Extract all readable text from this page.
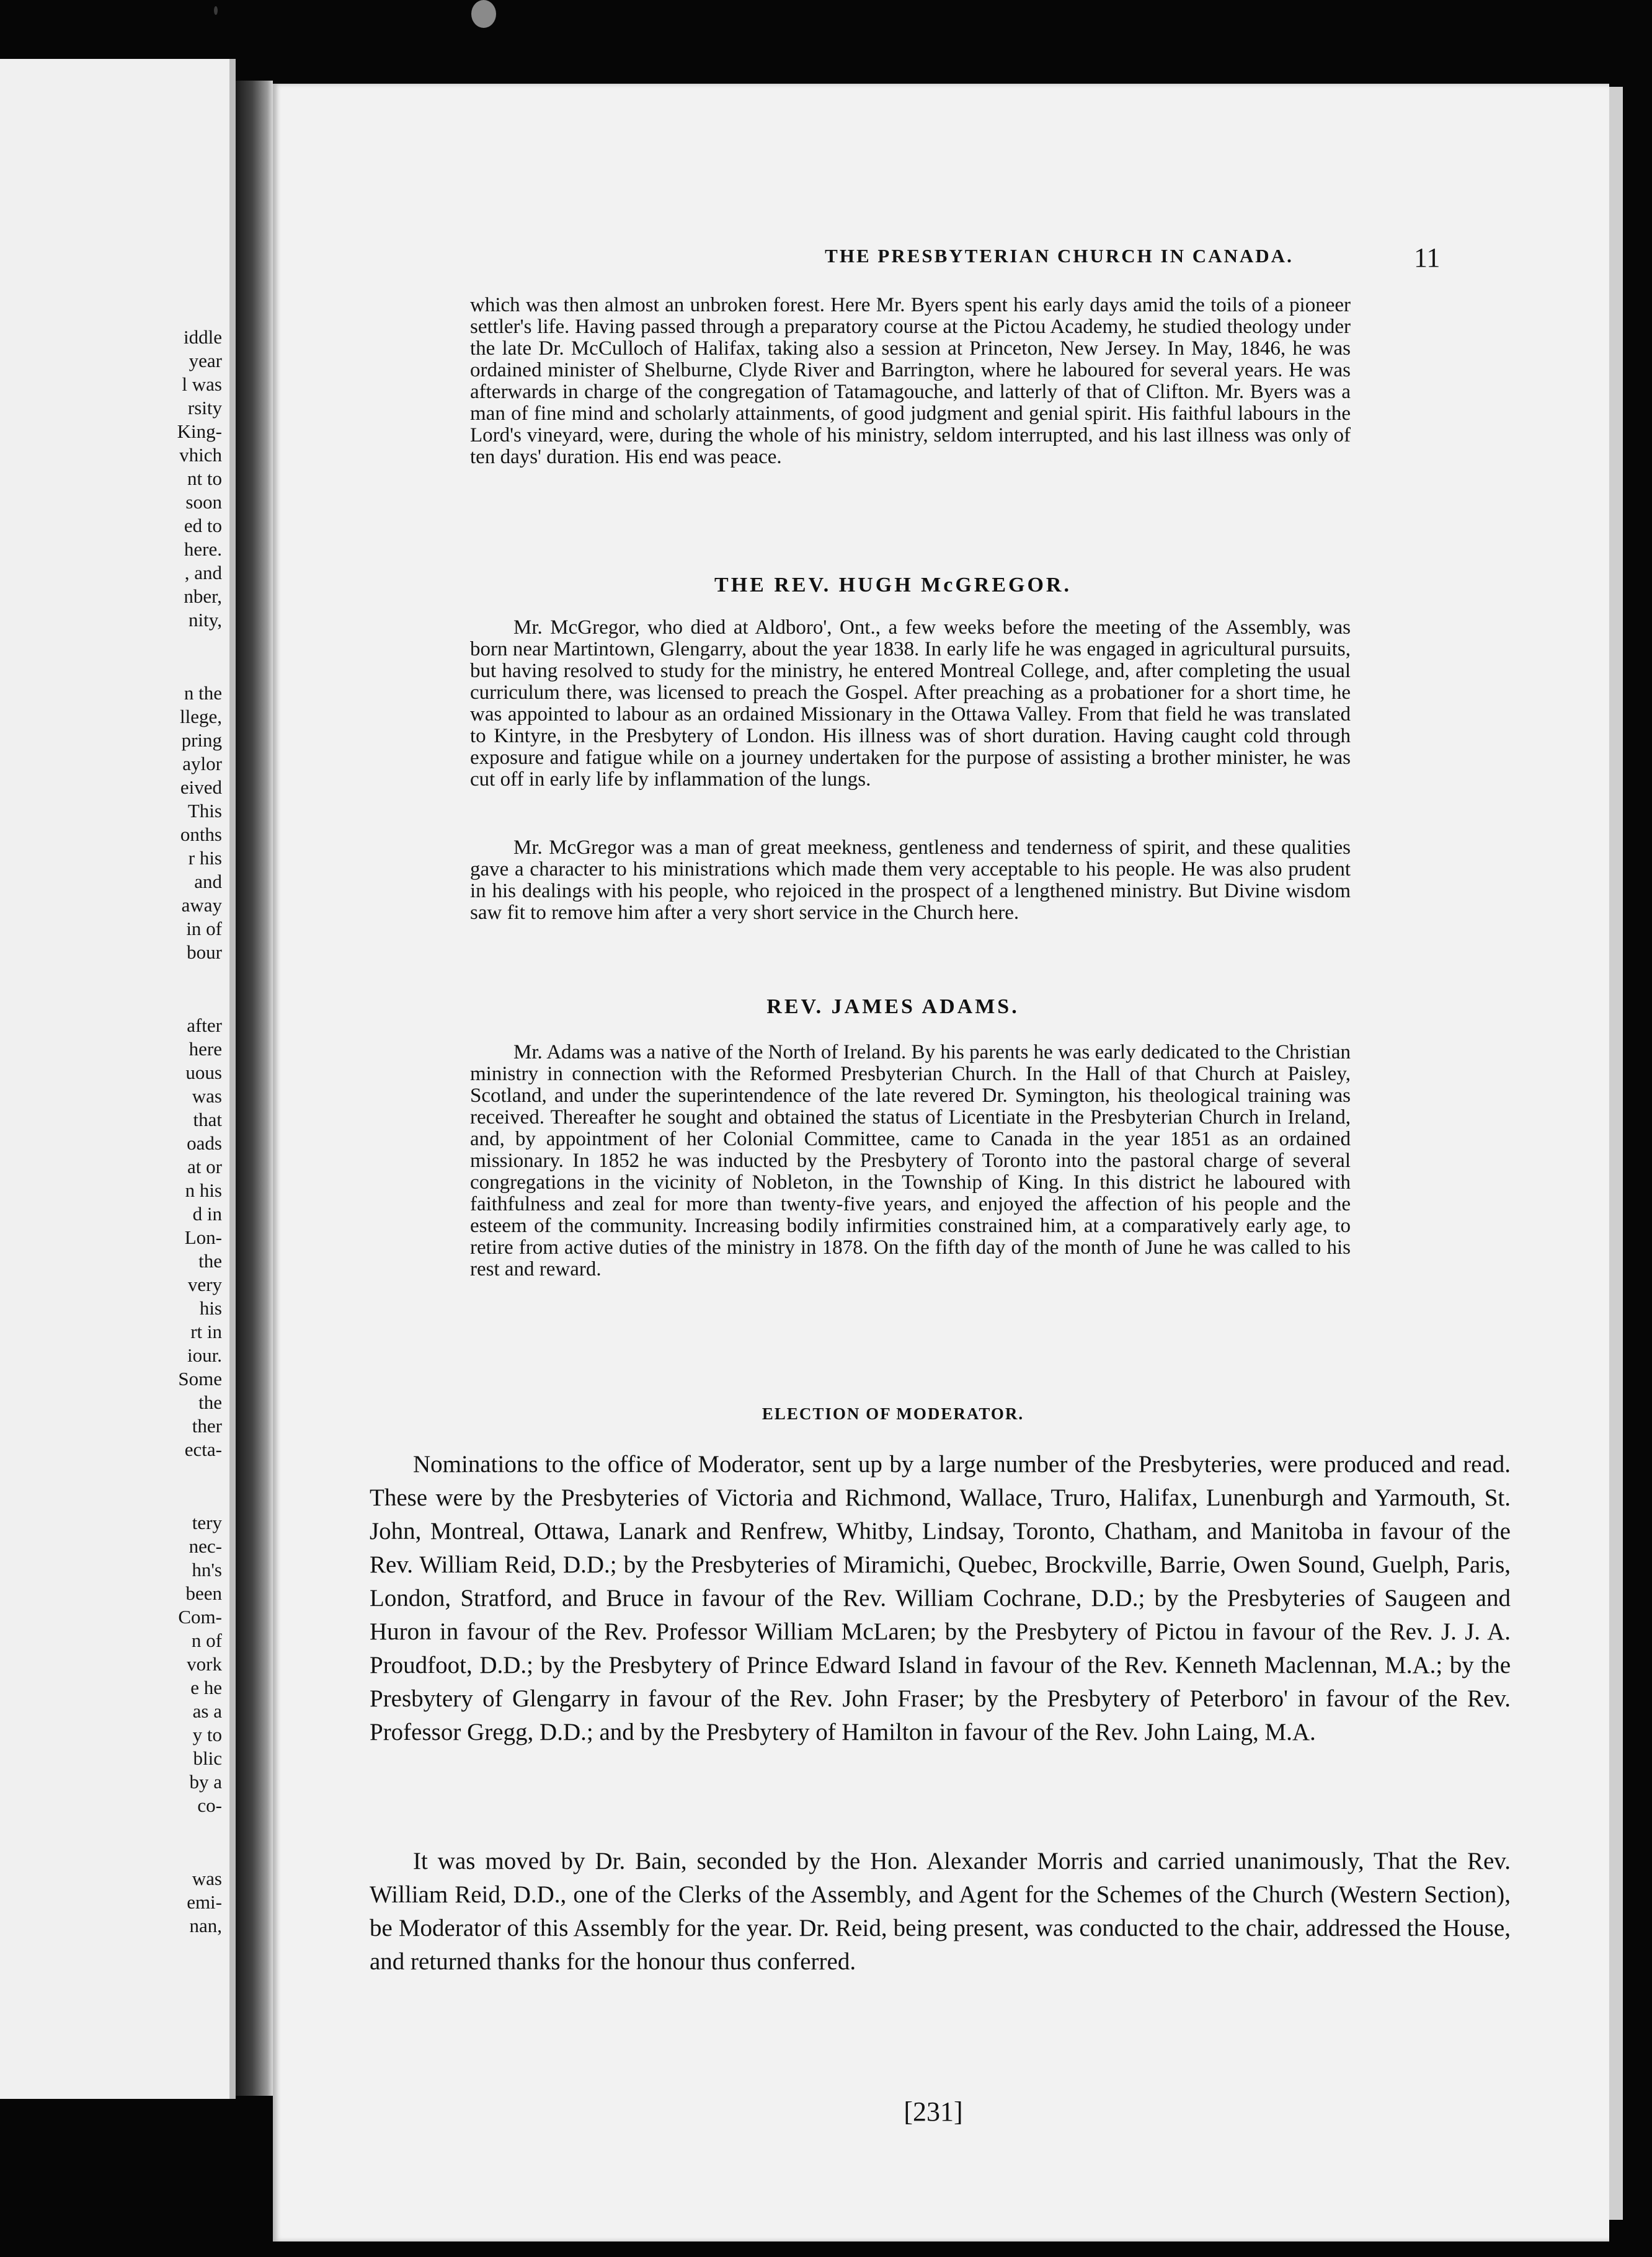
iddle

year

l was

rsity

King-

vhich

nt to

soon

ed to

here.

, and

nber,

nity,

n the

llege,

pring

aylor

eived

This

onths

r his

and

away

in of

bour

after

here

uous

was

that

oads

at or

n his

d in

Lon-

the

very

his

rt in

iour.

Some

the

ther

ecta-

tery

nec-

hn's

been

Com-

n of

vork

e he

as a

y to

blic

by a

co-

was

emi-

nan,

THE PRESBYTERIAN CHURCH IN CANADA.	11

which was then almost an unbroken forest. Here Mr. Byers spent his early days amid the toils of a pioneer settler's life. Having passed through a preparatory course at the Pictou Academy, he studied theology under the late Dr. McCulloch of Halifax, taking also a session at Princeton, New Jersey. In May, 1846, he was ordained minister of Shelburne, Clyde River and Barrington, where he laboured for several years. He was afterwards in charge of the congregation of Tatamagouche, and latterly of that of Clifton. Mr. Byers was a man of fine mind and scholarly attainments, of good judgment and genial spirit. His faithful labours in the Lord's vineyard, were, during the whole of his ministry, seldom interrupted, and his last illness was only of ten days' duration. His end was peace.

THE REV. HUGH McGREGOR.

Mr. McGregor, who died at Aldboro', Ont., a few weeks before the meeting of the Assembly, was born near Martintown, Glengarry, about the year 1838. In early life he was engaged in agricultural pursuits, but having resolved to study for the ministry, he entered Montreal College, and, after completing the usual curriculum there, was licensed to preach the Gospel. After preaching as a probationer for a short time, he was appointed to labour as an ordained Missionary in the Ottawa Valley. From that field he was translated to Kintyre, in the Presbytery of London. His illness was of short duration. Having caught cold through exposure and fatigue while on a journey undertaken for the purpose of assisting a brother minister, he was cut off in early life by inflammation of the lungs.

Mr. McGregor was a man of great meekness, gentleness and tenderness of spirit, and these qualities gave a character to his ministrations which made them very acceptable to his people. He was also prudent in his dealings with his people, who rejoiced in the prospect of a lengthened ministry. But Divine wisdom saw fit to remove him after a very short service in the Church here.

REV. JAMES ADAMS.

Mr. Adams was a native of the North of Ireland. By his parents he was early dedicated to the Christian ministry in connection with the Reformed Presbyterian Church. In the Hall of that Church at Paisley, Scotland, and under the superintendence of the late revered Dr. Symington, his theological training was received. Thereafter he sought and obtained the status of Licentiate in the Presbyterian Church in Ireland, and, by appointment of her Colonial Committee, came to Canada in the year 1851 as an ordained missionary. In 1852 he was inducted by the Presbytery of Toronto into the pastoral charge of several congregations in the vicinity of Nobleton, in the Township of King. In this district he laboured with faithfulness and zeal for more than twenty-five years, and enjoyed the affection of his people and the esteem of the community. Increasing bodily infirmities constrained him, at a comparatively early age, to retire from active duties of the ministry in 1878. On the fifth day of the month of June he was called to his rest and reward.

ELECTION OF MODERATOR.

Nominations to the office of Moderator, sent up by a large number of the Presbyteries, were produced and read. These were by the Presbyteries of Victoria and Richmond, Wallace, Truro, Halifax, Lunenburgh and Yarmouth, St. John, Montreal, Ottawa, Lanark and Renfrew, Whitby, Lindsay, Toronto, Chatham, and Manitoba in favour of the Rev. William Reid, D.D.; by the Presbyteries of Miramichi, Quebec, Brockville, Barrie, Owen Sound, Guelph, Paris, London, Stratford, and Bruce in favour of the Rev. William Cochrane, D.D.; by the Presbyteries of Saugeen and Huron in favour of the Rev. Professor William McLaren; by the Presbytery of Pictou in favour of the Rev. J. J. A. Proudfoot, D.D.; by the Presbytery of Prince Edward Island in favour of the Rev. Kenneth Maclennan, M.A.; by the Presbytery of Glengarry in favour of the Rev. John Fraser; by the Presbytery of Peterboro' in favour of the Rev. Professor Gregg, D.D.; and by the Presbytery of Hamilton in favour of the Rev. John Laing, M.A.

It was moved by Dr. Bain, seconded by the Hon. Alexander Morris and carried unanimously, That the Rev. William Reid, D.D., one of the Clerks of the Assembly, and Agent for the Schemes of the Church (Western Section), be Moderator of this Assembly for the year. Dr. Reid, being present, was conducted to the chair, addressed the House, and returned thanks for the honour thus conferred.

[231]
